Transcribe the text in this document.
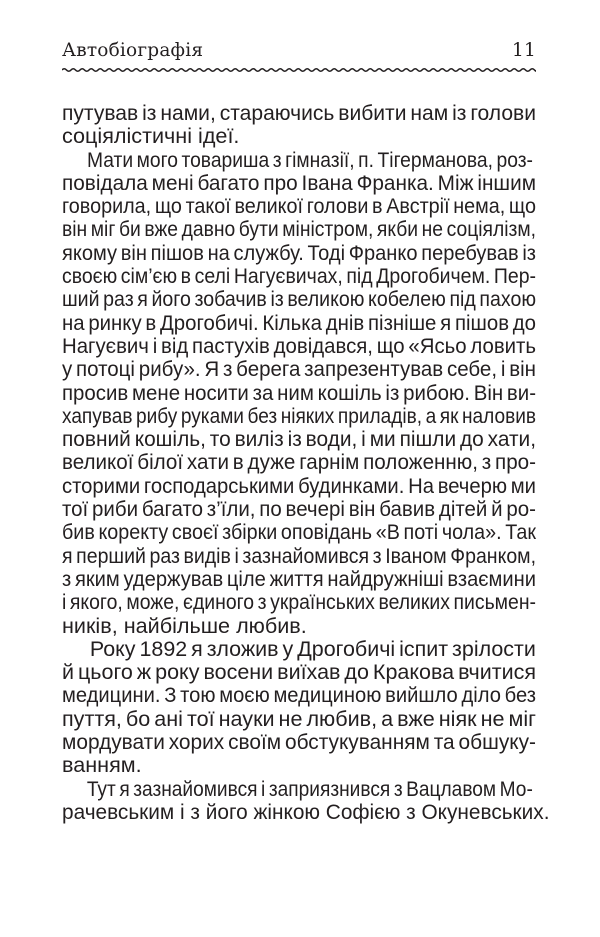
Автобіографія	11
путував із нами, стараючись вибити нам із голови
соціялістичні ідеї.
Мати мого товариша з гімназії, п. Тігерманова, роз-
повідала мені багато про Івана Франка. Між іншим
говорила, що такої великої голови в Австрії нема, що
він міг би вже давно бути міністром, якби не соціялізм,
якому він пішов на службу. Тоді Франко перебував із
своєю сім’єю в селі Нагуєвичах, під Дрогобичем. Пер-
ший раз я його зобачив із великою кобелею під пахою
на ринку в Дрогобичі. Кілька днів пізніше я пішов до
Нагуєвич і від пастухів довідався, що «Ясьо ловить
у потоці рибу». Я з берега запрезентував себе, і він
просив мене носити за ним кошіль із рибою. Він ви-
хапував рибу руками без ніяких приладів, а як наловив
повний кошіль, то виліз із води, і ми пішли до хати,
великої білої хати в дуже гарнім положенню, з про-
сторими господарськими будинками. На вечерю ми
тої риби багато з’їли, по вечері він бавив дітей й ро-
бив коректу своєї збірки оповідань «В поті чола». Так
я перший раз видів і зазнайомився з Іваном Франком,
з яким удержував ціле життя найдружніші взаємини
і якого, може, єдиного з українських великих письмен-
ників, найбільше любив.
Року 1892 я зложив у Дрогобичі іспит зрілости
й цього ж року восени виїхав до Кракова вчитися
медицини. З тою моєю медициною вийшло діло без
пуття, бо ані тої науки не любив, а вже ніяк не міг
мордувати хорих своїм обстукуванням та обшуку-
ванням.
Тут я зазнайомився і заприязнився з Вацлавом Мо-
рачевським і з його жінкою Софією з Окуневських.
